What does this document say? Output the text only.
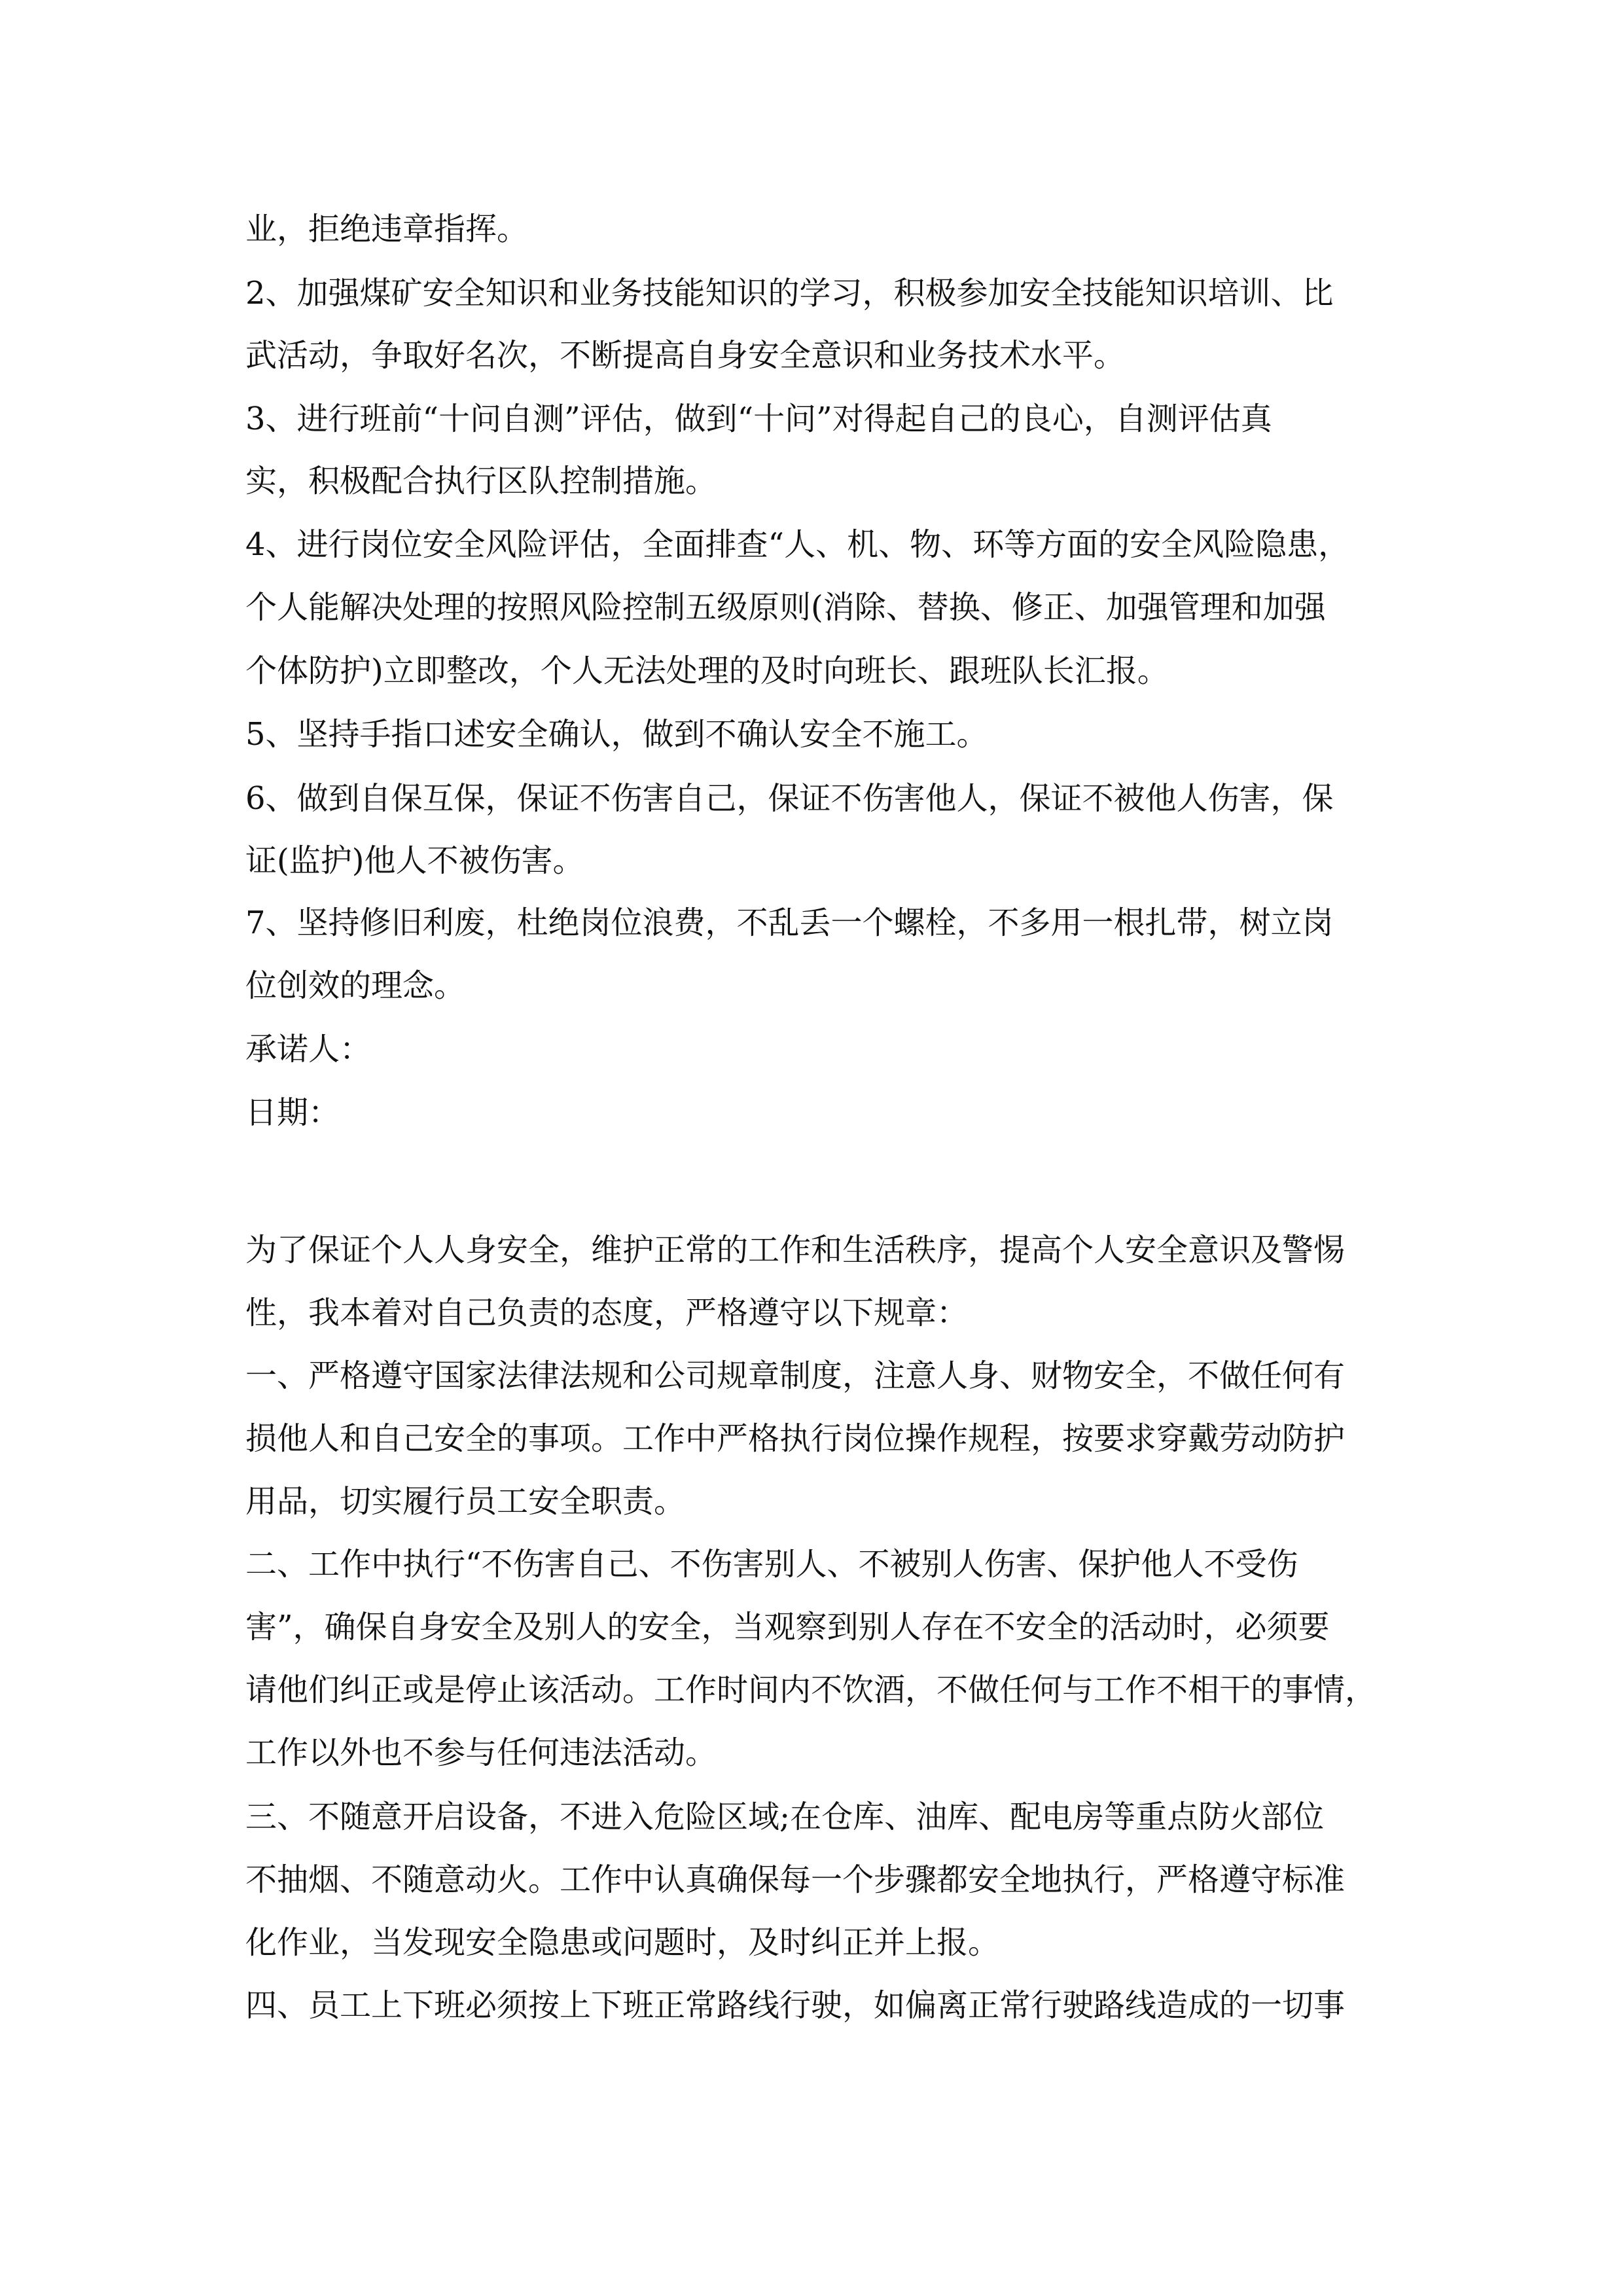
业，拒绝违章指挥。

2、加强煤矿安全知识和业务技能知识的学习，积极参加安全技能知识培训、比

武活动，争取好名次，不断提高自身安全意识和业务技术水平。

3、进行班前“十问自测”评估，做到“十问”对得起自己的良心，自测评估真

实，积极配合执行区队控制措施。

4、进行岗位安全风险评估，全面排查“人、机、物、环等方面的安全风险隐患，

个人能解决处理的按照风险控制五级原则(消除、替换、修正、加强管理和加强

个体防护)立即整改，个人无法处理的及时向班长、跟班队长汇报。

5、坚持手指口述安全确认，做到不确认安全不施工。

6、做到自保互保，保证不伤害自己，保证不伤害他人，保证不被他人伤害，保

证(监护)他人不被伤害。

7、坚持修旧利废，杜绝岗位浪费，不乱丢一个螺栓，不多用一根扎带，树立岗

位创效的理念。

承诺人：

日期：

为了保证个人人身安全，维护正常的工作和生活秩序，提高个人安全意识及警惕

性，我本着对自己负责的态度，严格遵守以下规章：

一、严格遵守国家法律法规和公司规章制度，注意人身、财物安全，不做任何有

损他人和自己安全的事项。工作中严格执行岗位操作规程，按要求穿戴劳动防护

用品，切实履行员工安全职责。

二、工作中执行“不伤害自己、不伤害别人、不被别人伤害、保护他人不受伤

害”，确保自身安全及别人的安全，当观察到别人存在不安全的活动时，必须要

请他们纠正或是停止该活动。工作时间内不饮酒，不做任何与工作不相干的事情，

工作以外也不参与任何违法活动。

三、不随意开启设备，不进入危险区域;在仓库、油库、配电房等重点防火部位

不抽烟、不随意动火。工作中认真确保每一个步骤都安全地执行，严格遵守标准

化作业，当发现安全隐患或问题时，及时纠正并上报。

四、员工上下班必须按上下班正常路线行驶，如偏离正常行驶路线造成的一切事
